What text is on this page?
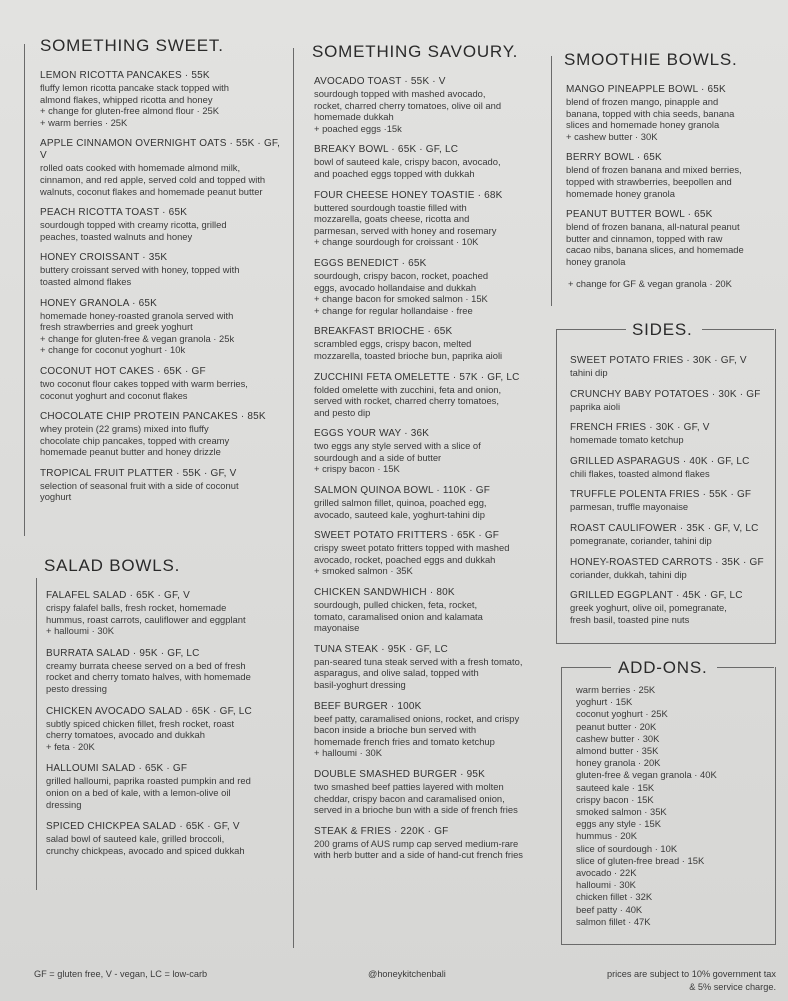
SOMETHING SWEET.
LEMON RICOTTA PANCAKES · 55K
fluffy lemon ricotta pancake stack topped with
almond flakes, whipped ricotta and honey
+ change for gluten-free almond flour · 25K
+ warm berries · 25K
APPLE CINNAMON OVERNIGHT OATS · 55K · GF, V
rolled oats cooked with homemade almond milk,
cinnamon, and red apple, served cold and topped with
walnuts, coconut flakes and homemade peanut butter
PEACH RICOTTA TOAST · 65K
sourdough topped with creamy ricotta, grilled
peaches, toasted walnuts and honey
HONEY CROISSANT · 35K
buttery croissant served with honey, topped with
toasted almond flakes
HONEY GRANOLA · 65K
homemade honey-roasted granola served with
fresh strawberries and greek yoghurt
+ change for gluten-free & vegan granola · 25k
+ change for coconut yoghurt · 10k
COCONUT HOT CAKES · 65K · GF
two coconut flour cakes topped with warm berries,
coconut yoghurt and coconut flakes
CHOCOLATE CHIP PROTEIN PANCAKES · 85K
whey protein (22 grams) mixed into fluffy
chocolate chip pancakes, topped with creamy
homemade peanut butter and honey drizzle
TROPICAL FRUIT PLATTER · 55K · GF, V
selection of seasonal fruit with a side of coconut
yoghurt
SALAD BOWLS.
FALAFEL SALAD · 65K · GF, V
crispy falafel balls, fresh rocket, homemade
hummus, roast carrots, cauliflower and eggplant
+ halloumi · 30K
BURRATA SALAD · 95K · GF, LC
creamy burrata cheese served on a bed of fresh
rocket and cherry tomato halves, with homemade
pesto dressing
CHICKEN AVOCADO SALAD · 65K · GF, LC
subtly spiced chicken fillet, fresh rocket, roast
cherry tomatoes, avocado and dukkah
+ feta · 20K
HALLOUMI SALAD · 65K · GF
grilled halloumi, paprika roasted pumpkin and red
onion on a bed of kale, with a lemon-olive oil
dressing
SPICED CHICKPEA SALAD · 65K · GF, V
salad bowl of sauteed kale, grilled broccoli,
crunchy chickpeas, avocado and spiced dukkah
SOMETHING SAVOURY.
AVOCADO TOAST · 55K · V
sourdough topped with mashed avocado,
rocket, charred cherry tomatoes, olive oil and
homemade dukkah
+ poached eggs ·15k
BREAKY BOWL · 65K · GF, LC
bowl of sauteed kale, crispy bacon, avocado,
and poached eggs topped with dukkah
FOUR CHEESE HONEY TOASTIE · 68K
buttered sourdough toastie filled with
mozzarella, goats cheese, ricotta and
parmesan, served with honey and rosemary
+ change sourdough for croissant · 10K
EGGS BENEDICT · 65K
sourdough, crispy bacon, rocket, poached
eggs, avocado hollandaise and dukkah
+ change bacon for smoked salmon · 15K
+ change for regular hollandaise · free
BREAKFAST BRIOCHE · 65K
scrambled eggs, crispy bacon, melted
mozzarella, toasted brioche bun, paprika aioli
ZUCCHINI FETA OMELETTE · 57K · GF, LC
folded omelette with zucchini, feta and onion,
served with rocket, charred cherry tomatoes,
and pesto dip
EGGS YOUR WAY · 36K
two eggs any style served with a slice of
sourdough and a side of butter
+ crispy bacon · 15K
SALMON QUINOA BOWL · 110K · GF
grilled salmon fillet, quinoa, poached egg,
avocado, sauteed kale, yoghurt-tahini dip
SWEET POTATO FRITTERS · 65K · GF
crispy sweet potato fritters topped with mashed
avocado, rocket, poached eggs and dukkah
+ smoked salmon · 35K
CHICKEN SANDWHICH · 80K
sourdough, pulled chicken, feta, rocket,
tomato, caramalised onion and kalamata
mayonaise
TUNA STEAK · 95K · GF, LC
pan-seared tuna steak served with a fresh tomato,
asparagus, and olive salad, topped with
basil-yoghurt dressing
BEEF BURGER · 100K
beef patty, caramalised onions, rocket, and crispy
bacon inside a brioche bun served with
homemade french fries and tomato ketchup
+ halloumi · 30K
DOUBLE SMASHED BURGER · 95K
two smashed beef patties layered with molten
cheddar, crispy bacon and caramalised onion,
served in a brioche bun with a side of french fries
STEAK & FRIES · 220K · GF
200 grams of AUS rump cap served medium-rare
with herb butter and a side of hand-cut french fries
SMOOTHIE BOWLS.
MANGO PINEAPPLE BOWL · 65K
blend of frozen mango, pinapple and
banana, topped with chia seeds, banana
slices and homemade honey granola
+ cashew butter · 30K
BERRY BOWL · 65K
blend of frozen banana and mixed berries,
topped with strawberries, beepollen and
homemade honey granola
PEANUT BUTTER BOWL · 65K
blend of frozen banana, all-natural peanut
butter and cinnamon, topped with raw
cacao nibs, banana slices, and homemade
honey granola
+ change for GF & vegan granola · 20K
SIDES.
SWEET POTATO FRIES · 30K · GF, V
tahini dip
CRUNCHY BABY POTATOES · 30K · GF
paprika aioli
FRENCH FRIES · 30K · GF, V
homemade tomato ketchup
GRILLED ASPARAGUS · 40K · GF, LC
chili flakes, toasted almond flakes
TRUFFLE POLENTA FRIES · 55K · GF
parmesan, truffle mayonaise
ROAST CAULIFOWER · 35K · GF, V, LC
pomegranate, coriander, tahini dip
HONEY-ROASTED CARROTS · 35K · GF
coriander, dukkah, tahini dip
GRILLED EGGPLANT · 45K · GF, LC
greek yoghurt, olive oil, pomegranate,
fresh basil, toasted pine nuts
ADD-ONS.
warm berries · 25K
yoghurt · 15K
coconut yoghurt · 25K
peanut butter · 20K
cashew butter · 30K
almond butter · 35K
honey granola · 20K
gluten-free & vegan granola · 40K
sauteed kale · 15K
crispy bacon · 15K
smoked salmon · 35K
eggs any style · 15K
hummus · 20K
slice of sourdough · 10K
slice of gluten-free bread · 15K
avocado · 22K
halloumi · 30K
chicken fillet · 32K
beef patty · 40K
salmon fillet · 47K
GF = gluten free, V - vegan, LC = low-carb	@honeykitchenbali	prices are subject to 10% government tax
& 5% service charge.
